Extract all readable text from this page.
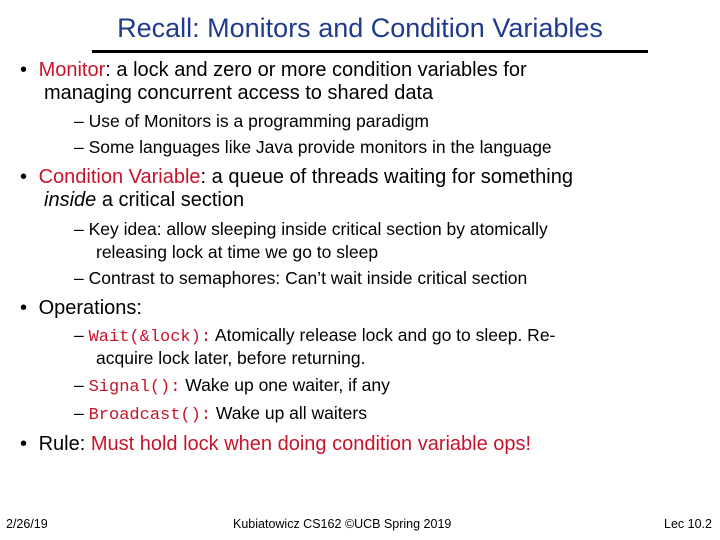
Recall: Monitors and Condition Variables
• Monitor: a lock and zero or more condition variables for
managing concurrent access to shared data
– Use of Monitors is a programming paradigm
– Some languages like Java provide monitors in the language
• Condition Variable: a queue of threads waiting for something
inside a critical section
– Key idea: allow sleeping inside critical section by atomically
releasing lock at time we go to sleep
– Contrast to semaphores: Can’t wait inside critical section
• Operations:
– Wait(&lock): Atomically release lock and go to sleep. Re-
acquire lock later, before returning.
– Signal(): Wake up one waiter, if any
– Broadcast(): Wake up all waiters
• Rule: Must hold lock when doing condition variable ops!
2/26/19	Kubiatowicz CS162 ©UCB Spring 2019	Lec 10.2
